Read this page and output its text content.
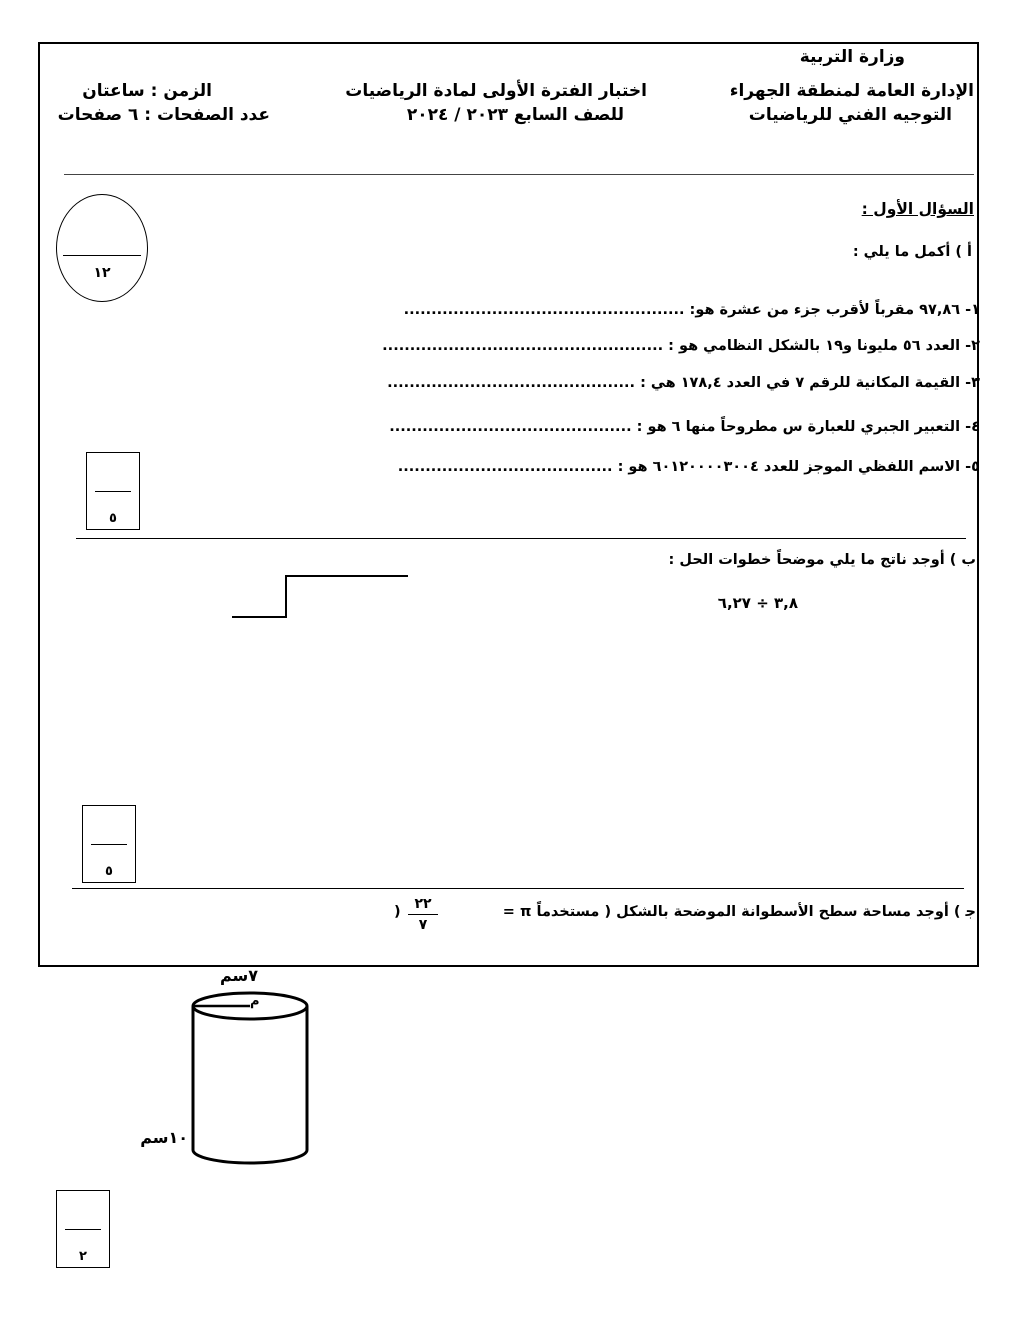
وزارة التربية
الإدارة العامة لمنطقة الجهراء
التوجيه الفني للرياضيات
اختبار الفترة الأولى لمادة الرياضيات
للصف السابع ٢٠٢٣ / ٢٠٢٤
الزمن : ساعتان
عدد الصفحات : ٦ صفحات
السؤال الأول :
١٢
أ ) أكمل ما يلي :
١- ٩٧,٨٦ مقرباً لأقرب جزء من عشرة هو: ...................................................
٢- العدد ٥٦ مليونا و١٩ بالشكل النظامي هو : ...................................................
٣- القيمة المكانية للرقم ٧ في العدد ١٧٨,٤ هي : .............................................
٤- التعبير الجبري للعبارة س مطروحاً منها ٦ هو : ............................................
٥- الاسم اللفظي الموجز للعدد ٦٠١٢٠٠٠٠٣٠٠٤ هو : .......................................
٥
ب ) أوجد ناتج ما يلي موضحاً خطوات الحل :
٣,٨ ÷ ٦,٢٧
٥
ﺟ ) أوجد مساحة سطح الأسطوانة الموضحة بالشكل ( مستخدماً π =
٢٢
٧
)
٧سم
م
١٠سم
٢
